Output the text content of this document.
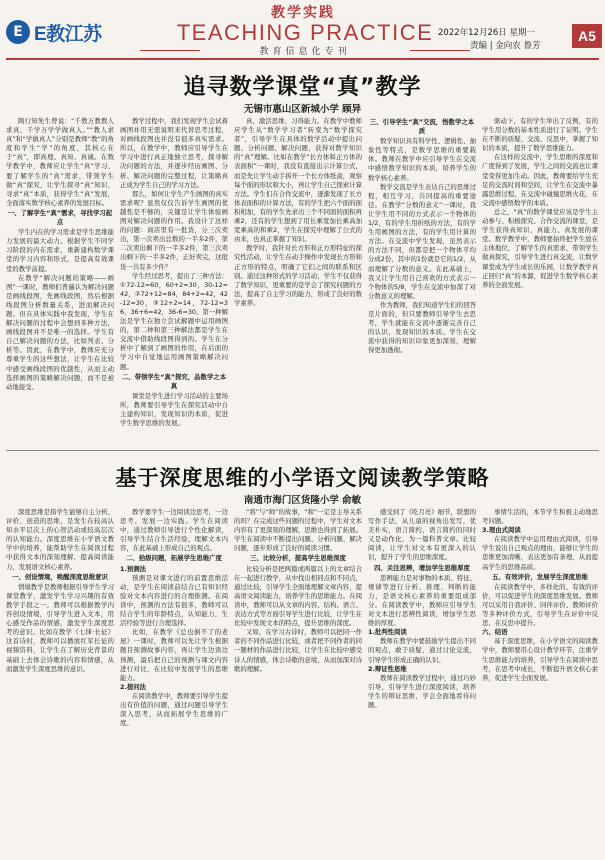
E E教江苏
教学实践
TEACHING PRACTICE
教育信息化专刊
2022年12月26日 星期一
责编 | 金向农 鲁芳
A5
追寻数学课堂“真”教学
无锡市惠山区新城小学 顾异
陶行知先生曾说：“千教万教教人求真，千学万学学做真人。”“教人求真”和“学做真人”分别是教师“教”的角度和学生“学”的角度，其核心在于“真”，即真理、真知、真诚。在数学教学中，教师应让学生“真”学习、要了解学生的“真”需求，带领学生做“真”探究，让学生探寻“真”知识、寻求“真”本质，获得学生“真”发展，全面落实数学核心素养的发展目标。
一、了解学生“真”需求，寻找学习起点
学生内在的学习需求是学生思维能力发展的最大动力。根据学生不同学习阶段的内在需求，重新建构数学课堂的学习内容和形式，是提高有效课堂的教学前提。
在教学“解决问题的策略——画图”一课时，教师们普遍认为解决问题是画线段图，先画线段图，然后根据线段图分析数量关系，进而解决问题。但在具体实践中我发现，学生在解决问题的过程中会想到多种方法，画线段图并不是唯一的选择。学生有自己解决问题的方法，比如列表、分析等。因此，在教学中，教师应充分尊重学生的这些想法，让学生在比较中感受画线段图的优越性，从而主动选择画图的策略解决问题，而不是被动地接受。
教学过程中，我们发现学生会试着画图并用无需说明来代替思考过程，对画线段图也并没有很多真实需求。所以，在教学中，教师应引导学生在学习中进行真正地独立思考，探寻解决问题的方法，并逐步经历画图、分析、解决问题的完整过程，让策略真正成为学生自己的学习方法。
那么，如何让学生产生画图的真实需求呢？显然仅仅告诉学生画图的优越性是不够的，关键是让学生体验画图对解决问题的作用。我设计了这样的问题：商店里有一批货，分三次卖出，第一次卖出总数的一半多2件，第二次卖出剩下的一半多2件，第三次卖出剩下的一半多2件，正好卖完，这批货一共有多少件？
学生经过思考，提出了三种方法：①72-12=60，60+2=30，30-12=42，②72+12=84，84+2=42，42-12=30，③12+2=14，72-12=36，36+6=42，36-6=30。第一种解法是学生在独立尝试解题中运用画图的，第二种和第三种解法都是学生在交流中借助线段图得到的。学生在分析中了解到了画图的作用，在后面的学习中自觉地运用画图策略解决问题。
二、带领学生“真”探究，品数学之本真
课堂是学生进行学习活动的主要场所，教师要引导学生在探究活动中自主建构知识，发现知识的本质，促进学生数学思维的发展。
真、激活思维、习得能力。在教学中教师应学生从“数学学习者”转变为“数学探究者”，引导学生在具体的数学活动中提出问题、分析问题、解决问题，获得对数学知识的“真”理解。比如在教学“长方体和正方体的表面积”一课时，我没有直接出示计算公式，而是先让学生动手拆开一个长方体纸盒，观察每个面的形状和大小，再让学生自己探索计算方法。学生们在合作交流中，逐渐发现了长方体表面积的计算方法，有的学生把六个面的面积相加，有的学生先求出三个不同面的面积再乘2，还有的学生想到了用长乘宽加长乘高加宽乘高的和乘2，学生在探究中理解了公式的由来，也真正掌握了知识。
教学时，我针对长方形和正方形特征的探究性活动，让学生在动手操作中发现长方形和正方形的特点，明确了它们之间的联系和区别。通过这种形式的学习活动，学生不仅获得了数学知识，更重要的是学会了探究问题的方法，提高了自主学习的能力，形成了良好的数学素养。
三、引导学生“真”交流，悟数学之本质
数学知识具有科学性、逻辑性、抽象性等特点，是数学思维的重要载体。教师在教学中应引导学生在交流中感悟数学知识的本质，培养学生的数学核心素养。
数学交流是学生表达自己的思维过程，相互学习、共同提高的重要途径。在教学“分数的意义”一课时，我让学生用不同的方式表示一个物体的1/2，有的学生用折纸的方法，有的学生用画图的方法，有的学生用计算的方法。在交流中学生发现，虽然表示的方法不同，但都是把一个物体平均分成2份，其中的1份就是它的1/2，从而理解了分数的意义。在此基础上，我又让学生用自己喜欢的方式表示一个物体的5/8，学生在交流中加深了对分数意义的理解。
作为教师，我们知道学生们的回答是片面的，但只要教师引导学生去思考，学生就能在交流中逐渐完善自己的认识，发现知识的本质。学生在交流中获得的知识印象更加深刻，理解得更加透彻。
驱动下，有的学生举出了反例，有的学生用分数的基本性质进行了证明。学生在不断的质疑、交流、反思中，掌握了知识的本质，提升了数学思维能力。
在这样的交流中，学生思维的深度和广度得到了发展，学生之间的交流也让课堂变得更加生动。因此，教师要给学生充足的交流时间和空间，让学生在交流中暴露思维过程，在交流中碰撞思维火花，在交流中感悟数学的本质。
总之，“真”的数学课堂应该是学生主动参与、积极探究、合作交流的课堂，是学生获得真知识、真能力、真发展的课堂。数学教学中，教师要始终把学生放在主体地位，了解学生的真需求，带领学生做真探究，引导学生进行真交流，让数学课堂成为学生成长的乐园，让数学教学真正回归“真”的本源，促进学生数学核心素养的全面发展。
基于深度思维的小学语文阅读教学策略
南通市海门区货隆小学 俞敏
深度思维是指学生能够自主分析、评价、创造的思维，是发生在较高认知水平层次上的心智活动或较高层次的认知能力。深度思维在小学语文教学中的培养，能帮助学生在阅读过程中获得文本的深刻理解，提高阅读能力，发展语文核心素养。
一、创设情境，唤醒深度思维意识
情境教学是教师根据引导学生学习课堂教学，激发学生学习兴趣的有效教学手段之一。教师可以根据教学内容创设情境，引导学生进入文本，用心感受作品的情感，激发学生深度思考的意识。比如在教学《七律·长征》这首诗时，教师可以播放红军长征的视频资料，让学生在了解历史背景的基础上去体会诗歌的内容和情感，从而激发学生深度思维的意识。
教学要学生一边阅读边思考，一边思考、发展一边实践。学生在阅读中，通过教师引导进行个性化解读，引导学生结合生活经验、理解文本内容，在此基础上形成自己的观点。
二、拾级问题，拓展学生思维广度
1.预测法
预测是对课文进行的前置思维活动，是学生在阅读前结合已有知识经验对文本内容进行的合理推测。在阅读中，预测的方法有很多，教师可以结合学生的年龄特点，认知能力，生活经验等进行合理选择。
比如，在教学《总也倒不了的老屋》一课时，教师可以先让学生根据题目预测故事内容，再让学生边读边预测，最后把自己的预测与课文内容进行对比，在比较中发展学生的思维能力。
2.提问法
在阅读教学中，教师要引导学生提出有价值的问题，通过问题引导学生深入思考，从而拓展学生思维的广度。
“将”与“帅”的故事，“和”一定是主导关系的吗？在完成这些问题的过程中，学生对文本内容有了更深刻的理解，思维也得到了拓展。学生在阅读中不断提出问题、分析问题、解决问题，逐步形成了良好的阅读习惯。
三、比较分析，提高学生思维深度
比较分析是把两篇或两篇以上的文章结合在一起进行教学，从中找出相同点和不同点，通过比较，引导学生全面地理解文章内容，提高语文阅读能力，培养学生的思维能力。在阅读中，教师可以从文章的内容、结构、语言、表达方式等方面引导学生进行比较，让学生在比较中发现文本的特点，提升思维的深度。
又如，在学习古诗时，教师可以把同一作者的不同作品进行比较，或者把不同作者的同一题材的作品进行比较，让学生在比较中感受诗人的情感，体会诗歌的意境，从而加深对诗歌的理解。
感受到了《吃月亮》细节，联想的写作手法，从儿童的视角出发写，优美朴实，语言简约，语言简约的同时又是动作化，为一篇科普文章。比较阅读，让学生对文本有更深入的认识，提升了学生的思维深度。
四、关注思辨，增加学生思维厚度
思辨能力是对事物的本质、特征、规律等进行分析、推理、判断的能力，是语文核心素养的重要组成部分。在阅读教学中，教师应引导学生对文本进行思辨性阅读，增加学生思维的厚度。
1.批判性阅读
教师在教学中要鼓励学生提出不同的观点，敢于质疑，通过讨论交流，引导学生形成正确的认识。
2.辩证性思维
教师在阅读教学过程中，通过巧妙引导，引导学生进行深度阅读，培养学生的辩证思维，学会全面地看待问题。
事情生活的，本节学生积极主动地思考问题。
3.理由式阅读
在阅读教学中运用理由式阅读，引导学生说出自己观点的理由，能够让学生的思维更加清晰，表达更加有条理，从而提高学生的思维品质。
五、有效评价，发展学生深度思维
在阅读教学中，多样化的、有效的评价，可以促进学生的深度思维发展。教师可以采用自我评价、同伴评价、教师评价等多种评价方式，引导学生在评价中反思、在反思中提升。
六、结语
基于深度思维，在小学语文的阅读教学中，教师要用心设计教学环节，注重学生思维能力的培养，引导学生在阅读中思考，在思考中成长，不断提升语文核心素养，促进学生全面发展。
